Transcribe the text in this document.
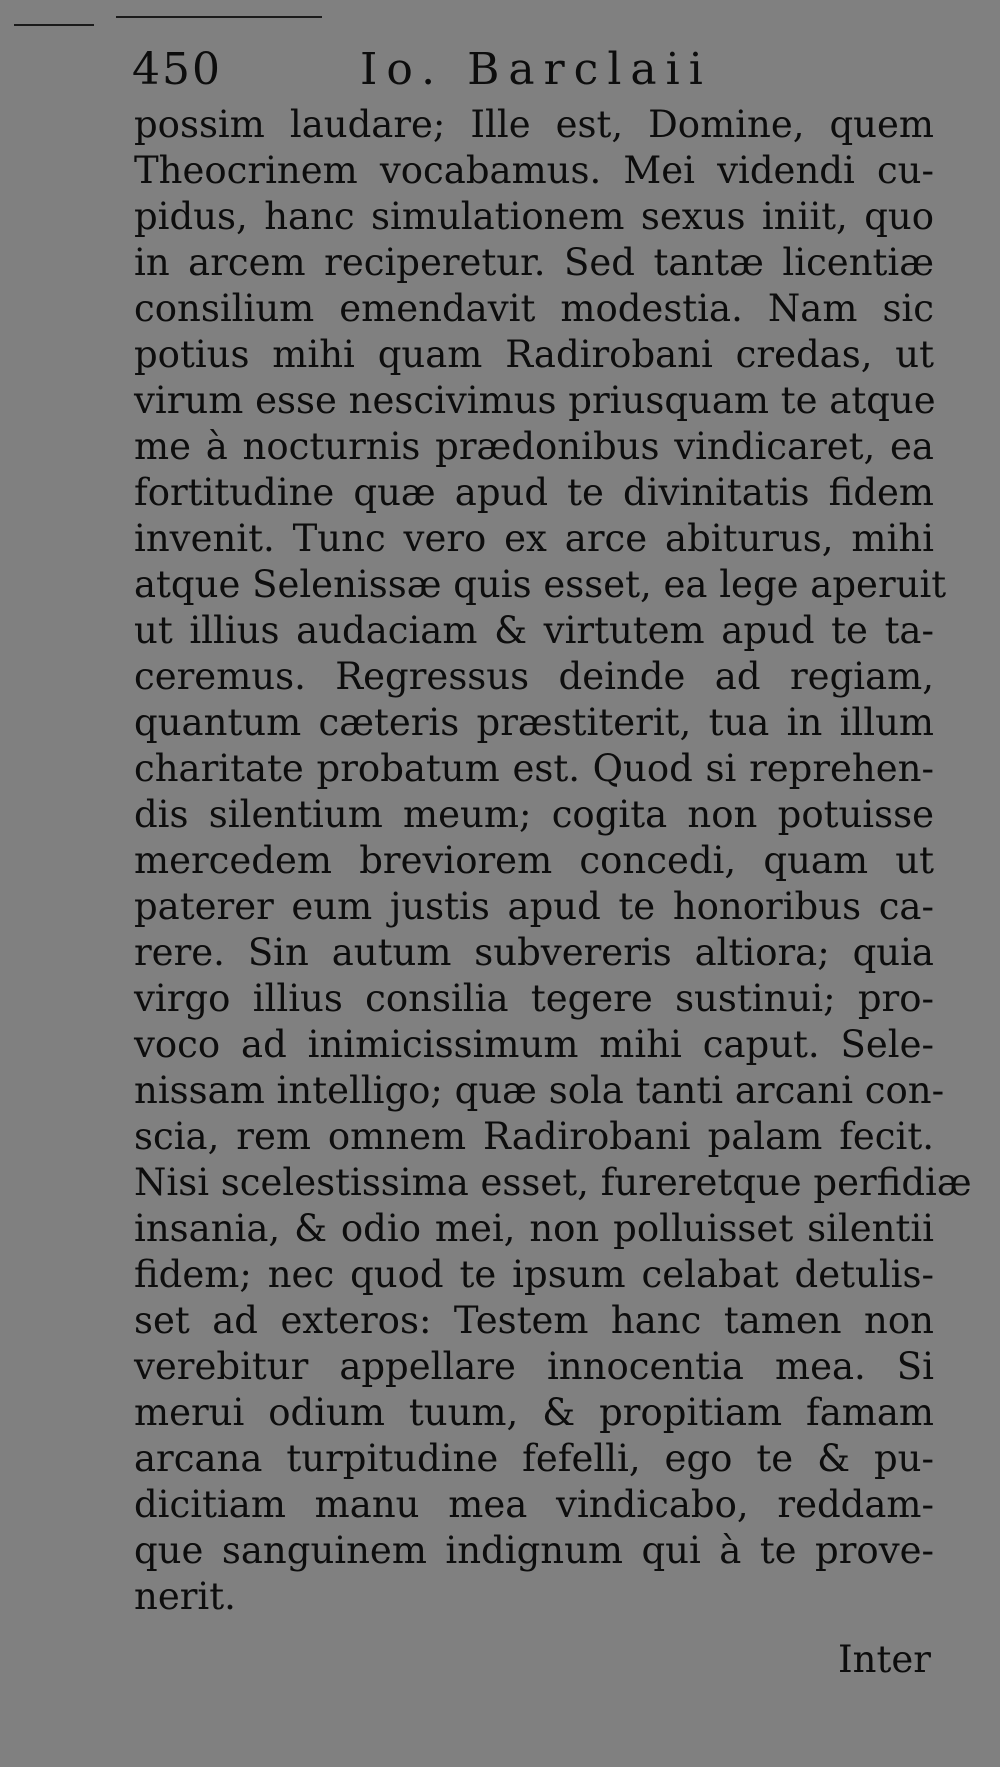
450	Io. Barclaii
possim laudare; Ille est, Domine, quem
Theocrinem vocabamus. Mei videndi cu-
pidus, hanc simulationem sexus iniit, quo
in arcem reciperetur. Sed tantæ licentiæ
consilium emendavit modestia. Nam sic
potius mihi quam Radirobani credas, ut
virum esse nescivimus priusquam te atque
me à nocturnis prædonibus vindicaret, ea
fortitudine quæ apud te divinitatis fidem
invenit. Tunc vero ex arce abiturus, mihi
atque Selenissæ quis esset, ea lege aperuit
ut illius audaciam & virtutem apud te ta-
ceremus. Regressus deinde ad regiam,
quantum cæteris præstiterit, tua in illum
charitate probatum est. Quod si reprehen-
dis silentium meum; cogita non potuisse
mercedem breviorem concedi, quam ut
paterer eum justis apud te honoribus ca-
rere. Sin autum subvereris altiora; quia
virgo illius consilia tegere sustinui; pro-
voco ad inimicissimum mihi caput. Sele-
nissam intelligo; quæ sola tanti arcani con-
scia, rem omnem Radirobani palam fecit.
Nisi scelestissima esset, fureretque perfidiæ
insania, & odio mei, non polluisset silentii
fidem; nec quod te ipsum celabat detulis-
set ad exteros: Testem hanc tamen non
verebitur appellare innocentia mea. Si
merui odium tuum, & propitiam famam
arcana turpitudine fefelli, ego te & pu-
dicitiam manu mea vindicabo, reddam-
que sanguinem indignum qui à te prove-
nerit.
Inter
